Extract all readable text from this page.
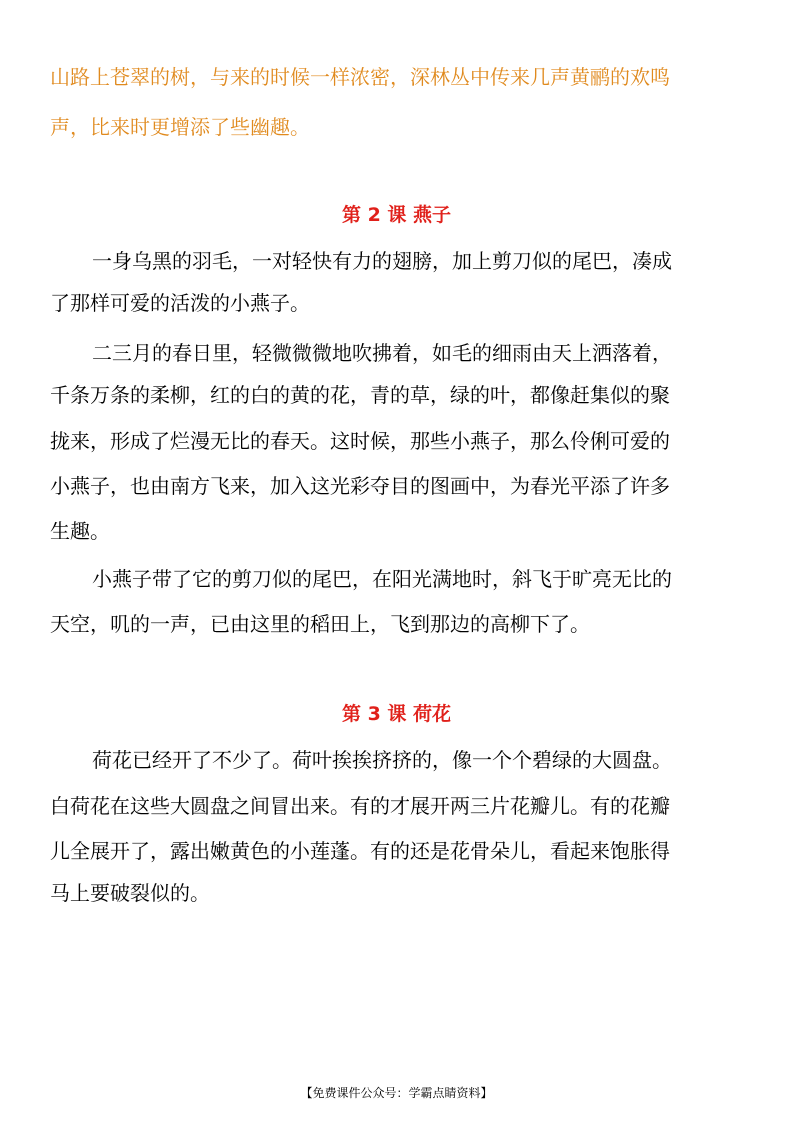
山路上苍翠的树，与来的时候一样浓密，深林丛中传来几声黄鹂的欢鸣
声，比来时更增添了些幽趣。
第 2 课 燕子
一身乌黑的羽毛，一对轻快有力的翅膀，加上剪刀似的尾巴，凑成
了那样可爱的活泼的小燕子。
二三月的春日里，轻微微微地吹拂着，如毛的细雨由天上洒落着，
千条万条的柔柳，红的白的黄的花，青的草，绿的叶，都像赶集似的聚
拢来，形成了烂漫无比的春天。这时候，那些小燕子，那么伶俐可爱的
小燕子，也由南方飞来，加入这光彩夺目的图画中，为春光平添了许多
生趣。
小燕子带了它的剪刀似的尾巴，在阳光满地时，斜飞于旷亮无比的
天空，叽的一声，已由这里的稻田上，飞到那边的高柳下了。
第 3 课 荷花
荷花已经开了不少了。荷叶挨挨挤挤的，像一个个碧绿的大圆盘。
白荷花在这些大圆盘之间冒出来。有的才展开两三片花瓣儿。有的花瓣
儿全展开了，露出嫩黄色的小莲蓬。有的还是花骨朵儿，看起来饱胀得
马上要破裂似的。
【免费课件公众号：学霸点睛资料】
